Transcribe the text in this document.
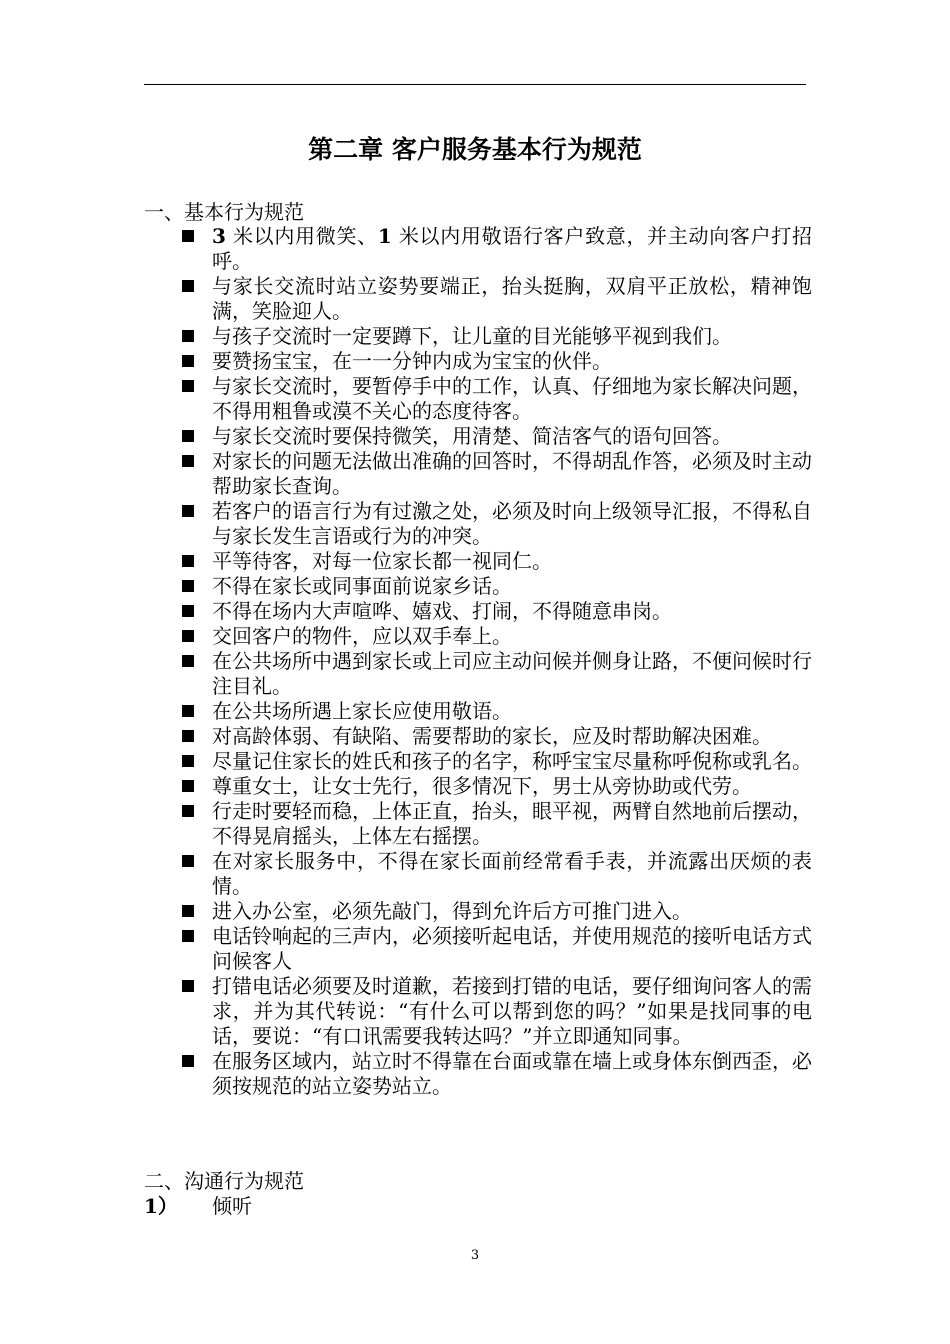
第二章 客户服务基本行为规范
一、基本行为规范
3 米以内用微笑、1 米以内用敬语行客户致意，并主动向客户打招呼。
与家长交流时站立姿势要端正，抬头挺胸，双肩平正放松，精神饱满，笑脸迎人。
与孩子交流时一定要蹲下，让儿童的目光能够平视到我们。
要赞扬宝宝，在一一分钟内成为宝宝的伙伴。
与家长交流时，要暂停手中的工作，认真、仔细地为家长解决问题，不得用粗鲁或漠不关心的态度待客。
与家长交流时要保持微笑，用清楚、简洁客气的语句回答。
对家长的问题无法做出准确的回答时，不得胡乱作答，必须及时主动帮助家长查询。
若客户的语言行为有过激之处，必须及时向上级领导汇报，不得私自与家长发生言语或行为的冲突。
平等待客，对每一位家长都一视同仁。
不得在家长或同事面前说家乡话。
不得在场内大声喧哗、嬉戏、打闹，不得随意串岗。
交回客户的物件，应以双手奉上。
在公共场所中遇到家长或上司应主动问候并侧身让路，不便问候时行注目礼。
在公共场所遇上家长应使用敬语。
对高龄体弱、有缺陷、需要帮助的家长，应及时帮助解决困难。
尽量记住家长的姓氏和孩子的名字，称呼宝宝尽量称呼倪称或乳名。
尊重女士，让女士先行，很多情况下，男士从旁协助或代劳。
行走时要轻而稳，上体正直，抬头，眼平视，两臂自然地前后摆动，不得晃肩摇头，上体左右摇摆。
在对家长服务中，不得在家长面前经常看手表，并流露出厌烦的表情。
进入办公室，必须先敲门，得到允许后方可推门进入。
电话铃响起的三声内，必须接听起电话，并使用规范的接听电话方式问候客人
打错电话必须要及时道歉，若接到打错的电话，要仔细询问客人的需求，并为其代转说：“有什么可以帮到您的吗？”如果是找同事的电话，要说：“有口讯需要我转达吗？”并立即通知同事。
在服务区域内，站立时不得靠在台面或靠在墙上或身体东倒西歪，必须按规范的站立姿势站立。
二、沟通行为规范
1） 倾听
3
